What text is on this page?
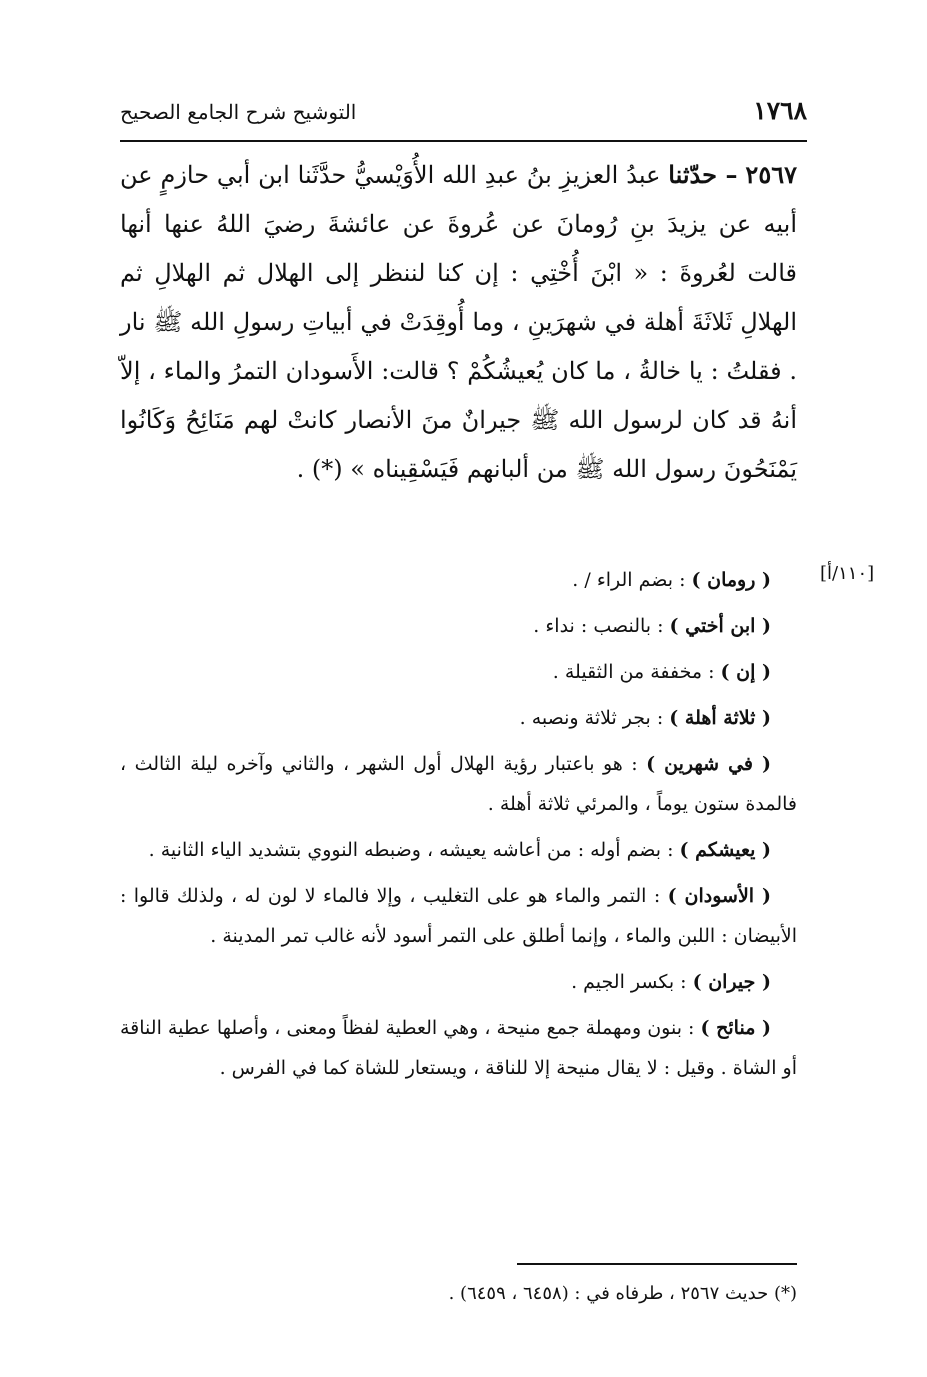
١٧٦٨
التوشيح شرح الجامع الصحيح
٢٥٦٧ – حدّثنا عبدُ العزيزِ بنُ عبدِ الله الأُوَيْسيُّ حدَّثَنا ابن أبي حازمٍ عن أبيه عن يزيدَ بنِ رُومانَ عن عُروةَ عن عائشةَ رضيَ اللهُ عنها أنها قالت لعُروةَ : « ابْنَ أُخْتِي : إن كنا لننظر إلى الهلال ثم الهلالِ ثم الهلالِ ثَلاثَةَ أهلة في شهرَينِ ، وما أُوقِدَتْ في أبياتِ رسولِ الله ﷺ نار . فقلتُ : يا خالةُ ، ما كان يُعيشُكُمْ ؟ قالت: الأَسودان التمرُ والماء ، إلاّ أنهُ قد كان لرسول الله ﷺ جيرانٌ منَ الأنصار كانتْ لهم مَنَائِحُ وَكَانُوا يَمْنَحُونَ رسول الله ﷺ من ألبانهم فَيَسْقِيناه » (*) .
[١١٠/أ]

( رومان ) : بضم الراء / .

( ابن أختي ) : بالنصب : نداء .

( إن ) : مخففة من الثقيلة .

( ثلاثة أهلة ) : بجر ثلاثة ونصبه .

( في شهرين ) : هو باعتبار رؤية الهلال أول الشهر ، والثاني وآخره ليلة الثالث ، فالمدة ستون يوماً ، والمرئي ثلاثة أهلة .

( يعيشكم ) : بضم أوله : من أعاشه يعيشه ، وضبطه النووي بتشديد الياء الثانية .

( الأسودان ) : التمر والماء هو على التغليب ، وإلا فالماء لا لون له ، ولذلك قالوا : الأبيضان : اللبن والماء ، وإنما أطلق على التمر أسود لأنه غالب تمر المدينة .

( جيران ) : بكسر الجيم .

( منائح ) : بنون ومهملة جمع منيحة ، وهي العطية لفظاً ومعنى ، وأصلها عطية الناقة أو الشاة . وقيل : لا يقال منيحة إلا للناقة ، ويستعار للشاة كما في الفرس .

(*) حديث ٢٥٦٧ ، طرفاه في : (٦٤٥٨ ، ٦٤٥٩) .
